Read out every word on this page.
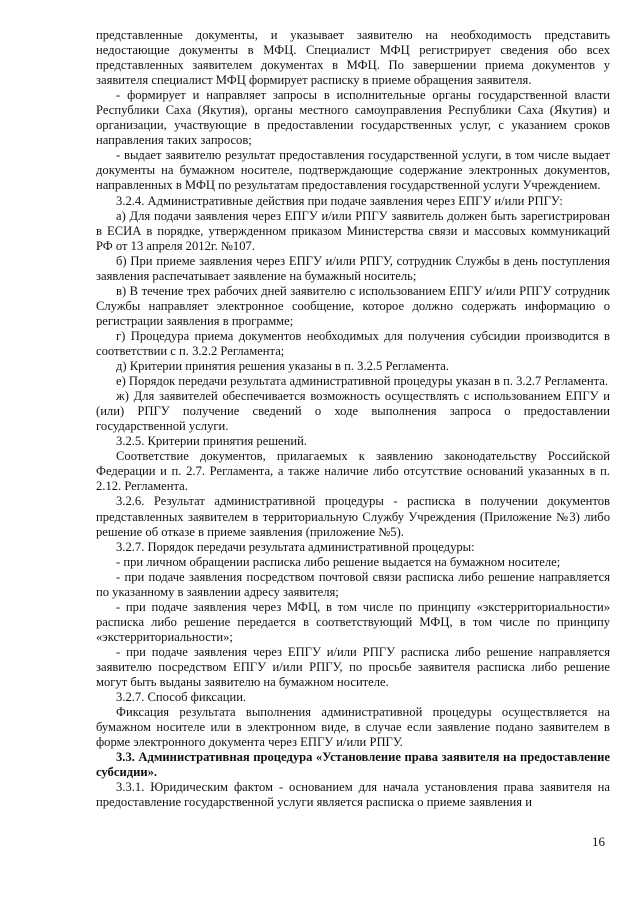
представленные документы, и указывает заявителю на необходимость представить недостающие документы в МФЦ. Специалист МФЦ регистрирует сведения обо всех представленных заявителем документах в МФЦ. По завершении приема документов у заявителя специалист МФЦ формирует расписку в приеме обращения заявителя.

- формирует и направляет запросы в исполнительные органы государственной власти Республики Саха (Якутия), органы местного самоуправления Республики Саха (Якутия) и организации, участвующие в предоставлении государственных услуг, с указанием сроков направления таких запросов;

- выдает заявителю результат предоставления государственной услуги, в том числе выдает документы на бумажном носителе, подтверждающие содержание электронных документов, направленных в МФЦ по результатам предоставления государственной услуги Учреждением.

3.2.4. Административные действия при подаче заявления через ЕПГУ и/или РПГУ:

а) Для подачи заявления через ЕПГУ и/или РПГУ заявитель должен быть зарегистрирован в ЕСИА в порядке, утвержденном приказом Министерства связи и массовых коммуникаций РФ от 13 апреля 2012г. №107.

б) При приеме заявления через ЕПГУ и/или РПГУ, сотрудник Службы в день поступления заявления распечатывает заявление на бумажный носитель;

в) В течение трех рабочих дней заявителю с использованием ЕПГУ и/или РПГУ сотрудник Службы направляет электронное сообщение, которое должно содержать информацию о регистрации заявления в программе;

г) Процедура приема документов необходимых для получения субсидии производится в соответствии с п. 3.2.2 Регламента;

д) Критерии принятия решения указаны в п. 3.2.5 Регламента.

е) Порядок передачи результата административной процедуры указан в п. 3.2.7 Регламента.

ж) Для заявителей обеспечивается возможность осуществлять с использованием ЕПГУ и (или) РПГУ получение сведений о ходе выполнения запроса о предоставлении государственной услуги.

3.2.5. Критерии принятия решений.

Соответствие документов, прилагаемых к заявлению законодательству Российской Федерации и п. 2.7. Регламента, а также наличие либо отсутствие оснований указанных в п. 2.12. Регламента.

3.2.6. Результат административной процедуры - расписка в получении документов представленных заявителем в территориальную Службу Учреждения (Приложение №3) либо решение об отказе в приеме заявления (приложение №5).

3.2.7. Порядок передачи результата административной процедуры:

- при личном обращении расписка либо решение выдается на бумажном носителе;

- при подаче заявления посредством почтовой связи расписка либо решение направляется по указанному в заявлении адресу заявителя;

- при подаче заявления через МФЦ, в том числе по принципу «экстерриториальности» расписка либо решение передается в соответствующий МФЦ, в том числе по принципу «экстерриториальности»;

- при подаче заявления через ЕПГУ и/или РПГУ расписка либо решение направляется заявителю посредством ЕПГУ и/или РПГУ, по просьбе заявителя расписка либо решение могут быть выданы заявителю на бумажном носителе.

3.2.7. Способ фиксации.

Фиксация результата выполнения административной процедуры осуществляется на бумажном носителе или в электронном виде, в случае если заявление подано заявителем в форме электронного документа через ЕПГУ и/или РПГУ.

3.3. Административная процедура «Установление права заявителя на предоставление субсидии».

3.3.1. Юридическим фактом - основанием для начала установления права заявителя на предоставление государственной услуги является расписка о приеме заявления и

16
